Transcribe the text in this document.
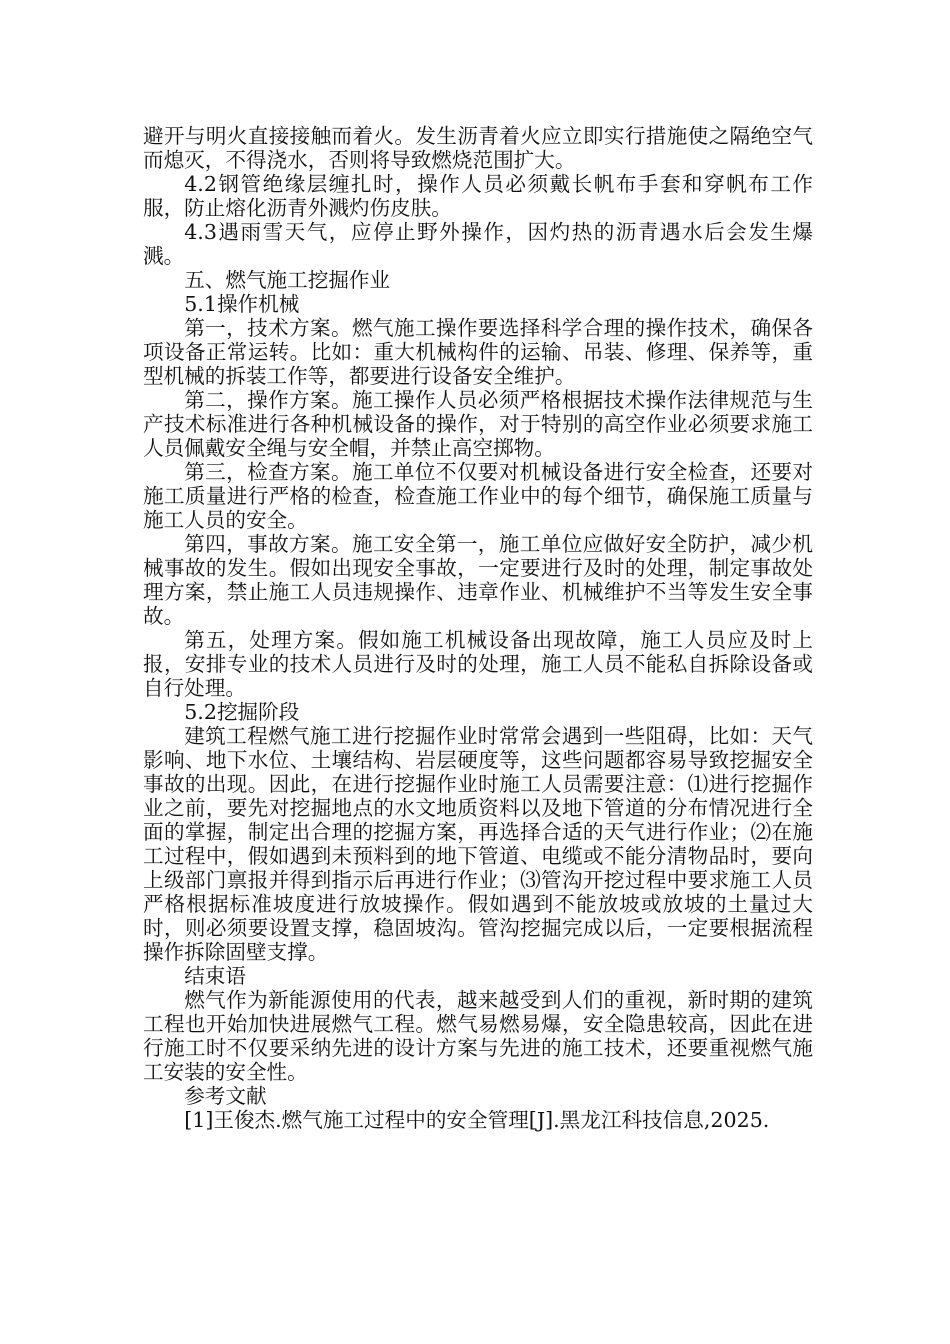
避开与明火直接接触而着火。发生沥青着火应立即实行措施使之隔绝空气而熄灭，不得浇水，否则将导致燃烧范围扩大。

4.2钢管绝缘层缠扎时，操作人员必须戴长帆布手套和穿帆布工作服，防止熔化沥青外溅灼伤皮肤。

4.3遇雨雪天气，应停止野外操作，因灼热的沥青遇水后会发生爆溅。

五、燃气施工挖掘作业

5.1操作机械

第一，技术方案。燃气施工操作要选择科学合理的操作技术，确保各项设备正常运转。比如：重大机械构件的运输、吊装、修理、保养等，重型机械的拆装工作等，都要进行设备安全维护。

第二，操作方案。施工操作人员必须严格根据技术操作法律规范与生产技术标准进行各种机械设备的操作，对于特别的高空作业必须要求施工人员佩戴安全绳与安全帽，并禁止高空掷物。

第三，检查方案。施工单位不仅要对机械设备进行安全检查，还要对施工质量进行严格的检查，检查施工作业中的每个细节，确保施工质量与施工人员的安全。

第四，事故方案。施工安全第一，施工单位应做好安全防护，减少机械事故的发生。假如出现安全事故，一定要进行及时的处理，制定事故处理方案，禁止施工人员违规操作、违章作业、机械维护不当等发生安全事故。

第五，处理方案。假如施工机械设备出现故障，施工人员应及时上报，安排专业的技术人员进行及时的处理，施工人员不能私自拆除设备或自行处理。

5.2挖掘阶段

建筑工程燃气施工进行挖掘作业时常常会遇到一些阻碍，比如：天气影响、地下水位、土壤结构、岩层硬度等，这些问题都容易导致挖掘安全事故的出现。因此，在进行挖掘作业时施工人员需要注意：⑴进行挖掘作业之前，要先对挖掘地点的水文地质资料以及地下管道的分布情况进行全面的掌握，制定出合理的挖掘方案，再选择合适的天气进行作业；⑵在施工过程中，假如遇到未预料到的地下管道、电缆或不能分清物品时，要向上级部门禀报并得到指示后再进行作业；⑶管沟开挖过程中要求施工人员严格根据标准坡度进行放坡操作。假如遇到不能放坡或放坡的土量过大时，则必须要设置支撑，稳固坡沟。管沟挖掘完成以后，一定要根据流程操作拆除固壁支撑。

结束语

燃气作为新能源使用的代表，越来越受到人们的重视，新时期的建筑工程也开始加快进展燃气工程。燃气易燃易爆，安全隐患较高，因此在进行施工时不仅要采纳先进的设计方案与先进的施工技术，还要重视燃气施工安装的安全性。

参考文献

[1]王俊杰.燃气施工过程中的安全管理[J].黑龙江科技信息,2025.
